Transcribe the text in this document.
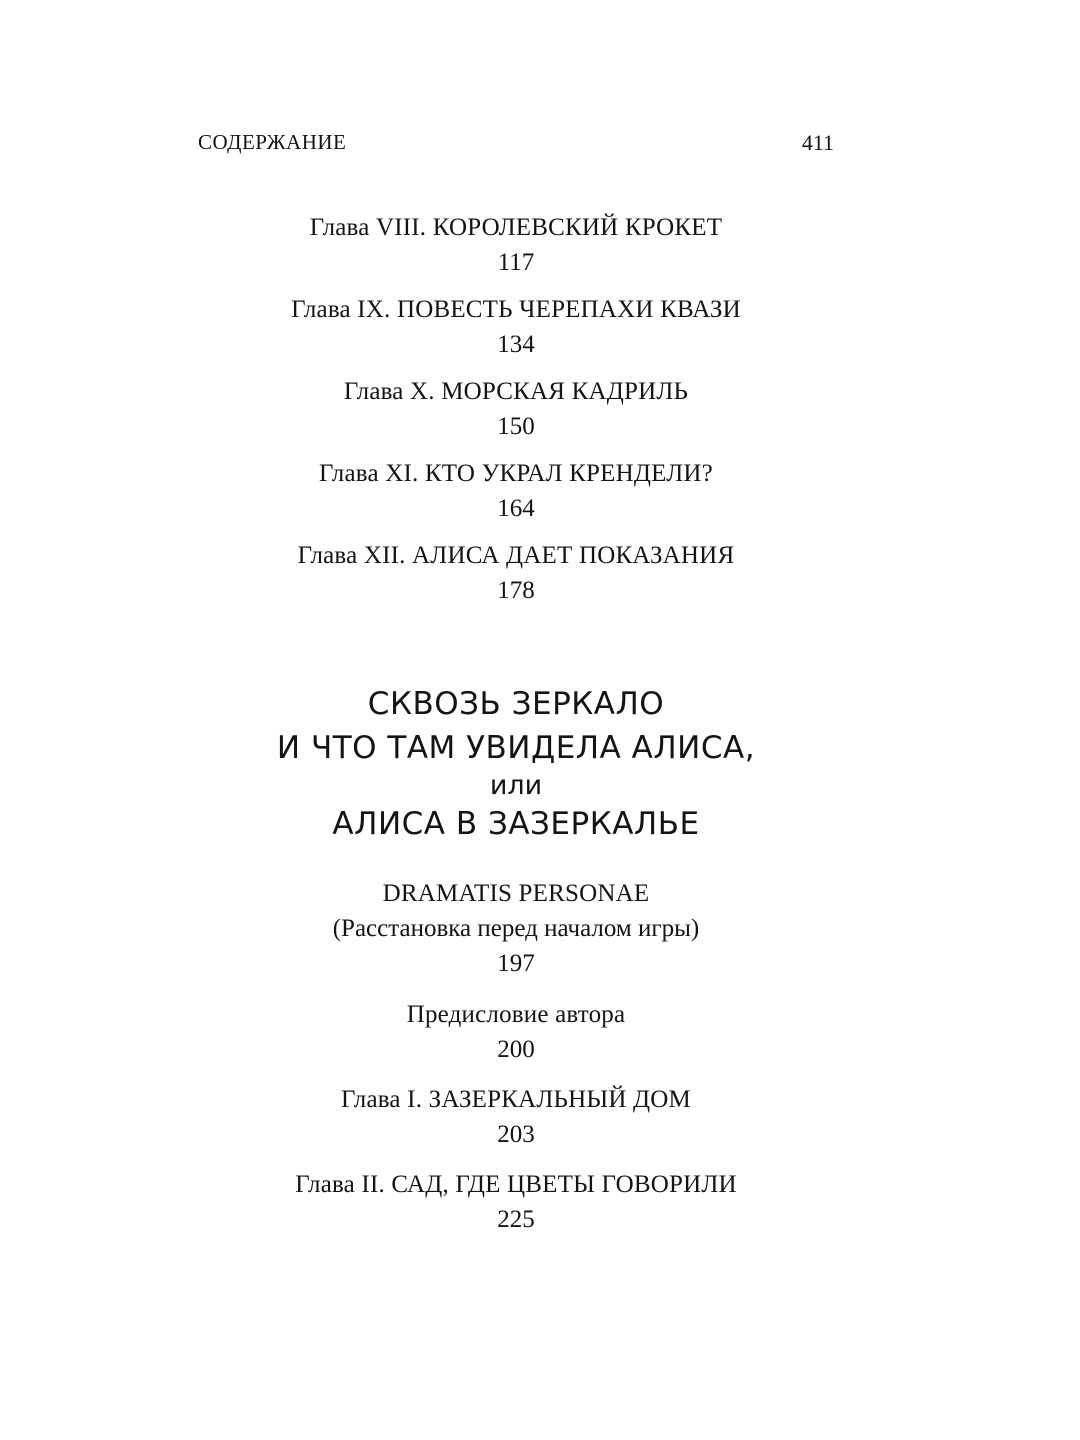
СОДЕРЖАНИЕ	411
Глава VIII. КОРОЛЕВСКИЙ КРОКЕТ
117
Глава IX. ПОВЕСТЬ ЧЕРЕПАХИ КВАЗИ
134
Глава X. МОРСКАЯ КАДРИЛЬ
150
Глава XI. КТО УКРАЛ КРЕНДЕЛИ?
164
Глава XII. АЛИСА ДАЕТ ПОКАЗАНИЯ
178
СКВОЗЬ ЗЕРКАЛО
И ЧТО ТАМ УВИДЕЛА АЛИСА,
или
АЛИСА В ЗАЗЕРКАЛЬЕ
DRAMATIS PERSONAE
(Расстановка перед началом игры)
197
Предисловие автора
200
Глава I. ЗАЗЕРКАЛЬНЫЙ ДОМ
203
Глава II. САД, ГДЕ ЦВЕТЫ ГОВОРИЛИ
225
